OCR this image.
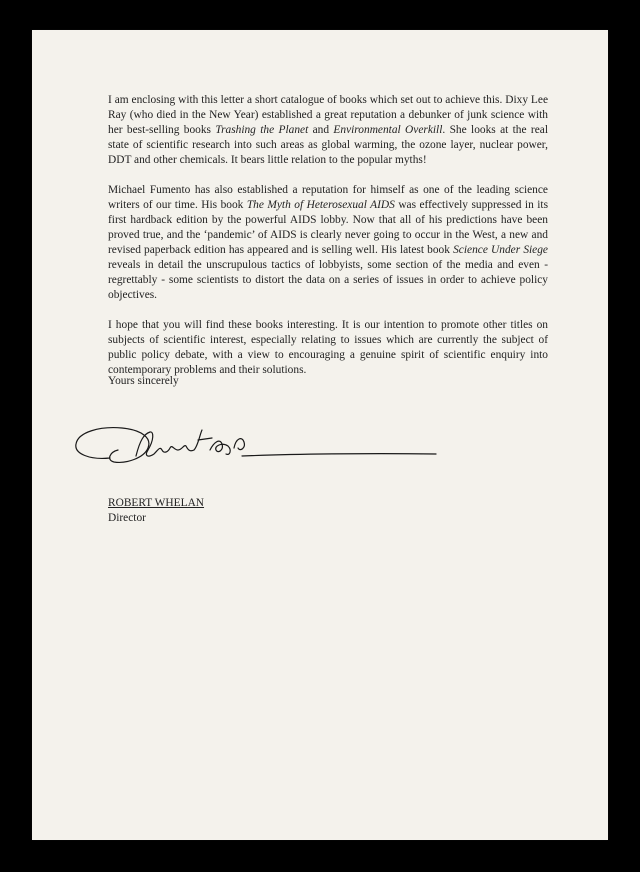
I am enclosing with this letter a short catalogue of books which set out to achieve this. Dixy Lee Ray (who died in the New Year) established a great reputation a debunker of junk science with her best-selling books Trashing the Planet and Environmental Overkill. She looks at the real state of scientific research into such areas as global warming, the ozone layer, nuclear power, DDT and other chemicals. It bears little relation to the popular myths!

Michael Fumento has also established a reputation for himself as one of the leading science writers of our time. His book The Myth of Heterosexual AIDS was effectively suppressed in its first hardback edition by the powerful AIDS lobby. Now that all of his predictions have been proved true, and the ‘pandemic’ of AIDS is clearly never going to occur in the West, a new and revised paperback edition has appeared and is selling well. His latest book Science Under Siege reveals in detail the unscrupulous tactics of lobbyists, some section of the media and even - regrettably - some scientists to distort the data on a series of issues in order to achieve policy objectives.

I hope that you will find these books interesting. It is our intention to promote other titles on subjects of scientific interest, especially relating to issues which are currently the subject of public policy debate, with a view to encouraging a genuine spirit of scientific enquiry into contemporary problems and their solutions.

Yours sincerely
ROBERT WHELAN
Director
